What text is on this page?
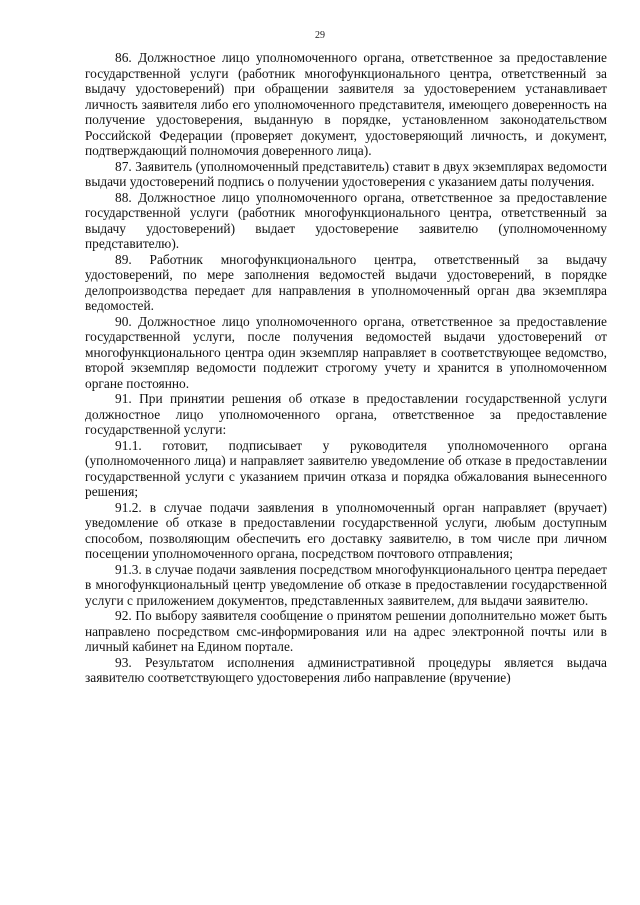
29

86. Должностное лицо уполномоченного органа, ответственное за предоставление государственной услуги (работник многофункционального центра, ответственный за выдачу удостоверений) при обращении заявителя за удостоверением устанавливает личность заявителя либо его уполномоченного представителя, имеющего доверенность на получение удостоверения, выданную в порядке, установленном законодательством Российской Федерации (проверяет документ, удостоверяющий личность, и документ, подтверждающий полномочия доверенного лица).

87. Заявитель (уполномоченный представитель) ставит в двух экземплярах ведомости выдачи удостоверений подпись о получении удостоверения с указанием даты получения.

88. Должностное лицо уполномоченного органа, ответственное за предоставление государственной услуги (работник многофункционального центра, ответственный за выдачу удостоверений) выдает удостоверение заявителю (уполномоченному представителю).

89. Работник многофункционального центра, ответственный за выдачу удостоверений, по мере заполнения ведомостей выдачи удостоверений, в порядке делопроизводства передает для направления в уполномоченный орган два экземпляра ведомостей.

90. Должностное лицо уполномоченного органа, ответственное за предоставление государственной услуги, после получения ведомостей выдачи удостоверений от многофункционального центра один экземпляр направляет в соответствующее ведомство, второй экземпляр ведомости подлежит строгому учету и хранится в уполномоченном органе постоянно.

91. При принятии решения об отказе в предоставлении государственной услуги должностное лицо уполномоченного органа, ответственное за предоставление государственной услуги:

91.1. готовит, подписывает у руководителя уполномоченного органа (уполномоченного лица) и направляет заявителю уведомление об отказе в предоставлении государственной услуги с указанием причин отказа и порядка обжалования вынесенного решения;

91.2. в случае подачи заявления в уполномоченный орган направляет (вручает) уведомление об отказе в предоставлении государственной услуги, любым доступным способом, позволяющим обеспечить его доставку заявителю, в том числе при личном посещении уполномоченного органа, посредством почтового отправления;

91.3. в случае подачи заявления посредством многофункционального центра передает в многофункциональный центр уведомление об отказе в предоставлении государственной услуги с приложением документов, представленных заявителем, для выдачи заявителю.

92. По выбору заявителя сообщение о принятом решении дополнительно может быть направлено посредством смс-информирования или на адрес электронной почты или в личный кабинет на Едином портале.

93. Результатом исполнения административной процедуры является выдача заявителю соответствующего удостоверения либо направление (вручение)
